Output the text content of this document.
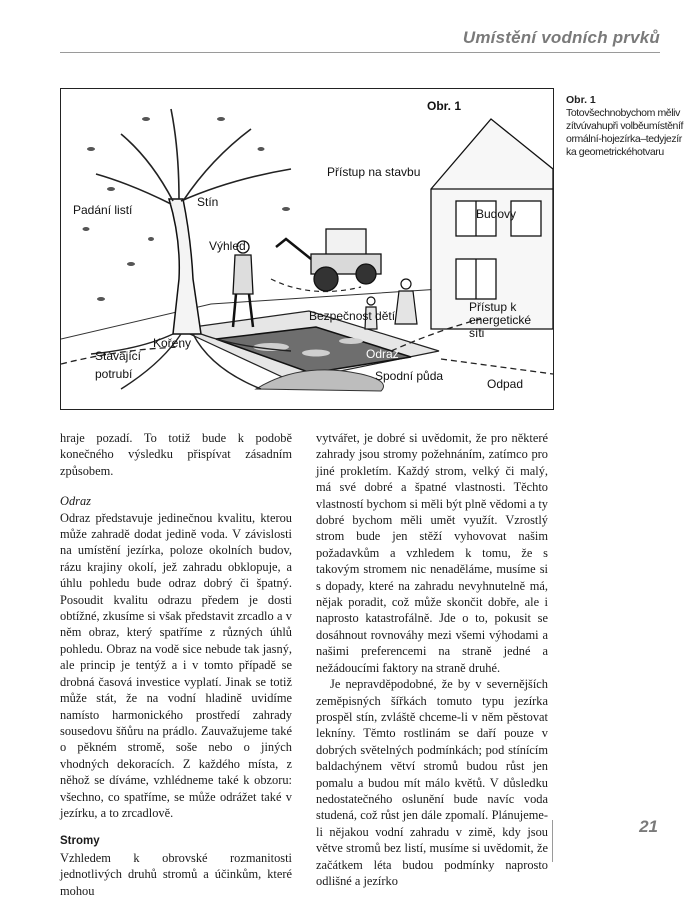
Umístění vodních prvků
Obr. 1
Padání listí
Stín
Přístup na stavbu
Budovy
Výhled
Bezpečnost dětí
Přístup k energetické síti
Kořeny
Stávající potrubí
Odraz
Spodní půda
Odpad
Obr. 1
Totovšechnobychom mělivzítvúvahupři volběumístěníformální-hojezírka–tedyjezírka geometrickéhotvaru

hraje pozadí. To totiž bude k podobě konečného výsledku přispívat zásadním způsobem.

Odraz

Odraz představuje jedinečnou kvalitu, kterou může zahradě dodat jedině voda. V závislosti na umístění jezírka, poloze okolních budov, rázu krajiny okolí, jež zahradu obklopuje, a úhlu pohledu bude odraz dobrý či špatný. Posoudit kvalitu odrazu předem je dosti obtížné, zkusíme si však představit zrcadlo a v něm obraz, který spatříme z různých úhlů pohledu. Obraz na vodě sice nebude tak jasný, ale princip je tentýž a i v tomto případě se drobná časová investice vyplatí. Jinak se totiž může stát, že na vodní hladině uvidíme namísto harmonického prostředí zahrady sousedovu šňůru na prádlo. Zauvažujeme také o pěkném stromě, soše nebo o jiných vhodných dekoracích. Z každého místa, z něhož se díváme, vzhlédneme také k obzoru: všechno, co spatříme, se může odrážet také v jezírku, a to zrcadlově.

Stromy

Vzhledem k obrovské rozmanitosti jednotlivých druhů stromů a účinkům, které mohou

vytvářet, je dobré si uvědomit, že pro některé zahrady jsou stromy požehnáním, zatímco pro jiné prokletím. Každý strom, velký či malý, má své dobré a špatné vlastnosti. Těchto vlastností bychom si měli být plně vědomi a ty dobré bychom měli umět využít. Vzrostlý strom bude jen stěží vyhovovat našim požadavkům a vzhledem k tomu, že s takovým stromem nic nenaděláme, musíme si s dopady, které na zahradu nevyhnutelně má, nějak poradit, což může skončit dobře, ale i naprosto katastrofálně. Jde o to, pokusit se dosáhnout rovnováhy mezi všemi výhodami a našimi preferencemi na straně jedné a nežádoucími faktory na straně druhé.

Je nepravděpodobné, že by v severnějších zeměpisných šířkách tomuto typu jezírka prospěl stín, zvláště chceme-li v něm pěstovat lekníny. Těmto rostlinám se daří pouze v dobrých světelných podmínkách; pod stínícím baldachýnem větví stromů budou růst jen pomalu a budou mít málo květů. V důsledku nedostatečného oslunění bude navíc voda studená, což růst jen dále zpomalí. Plánujeme-li nějakou vodní zahradu v zimě, kdy jsou větve stromů bez listí, musíme si uvědomit, že začátkem léta budou podmínky naprosto odlišné a jezírko

21
